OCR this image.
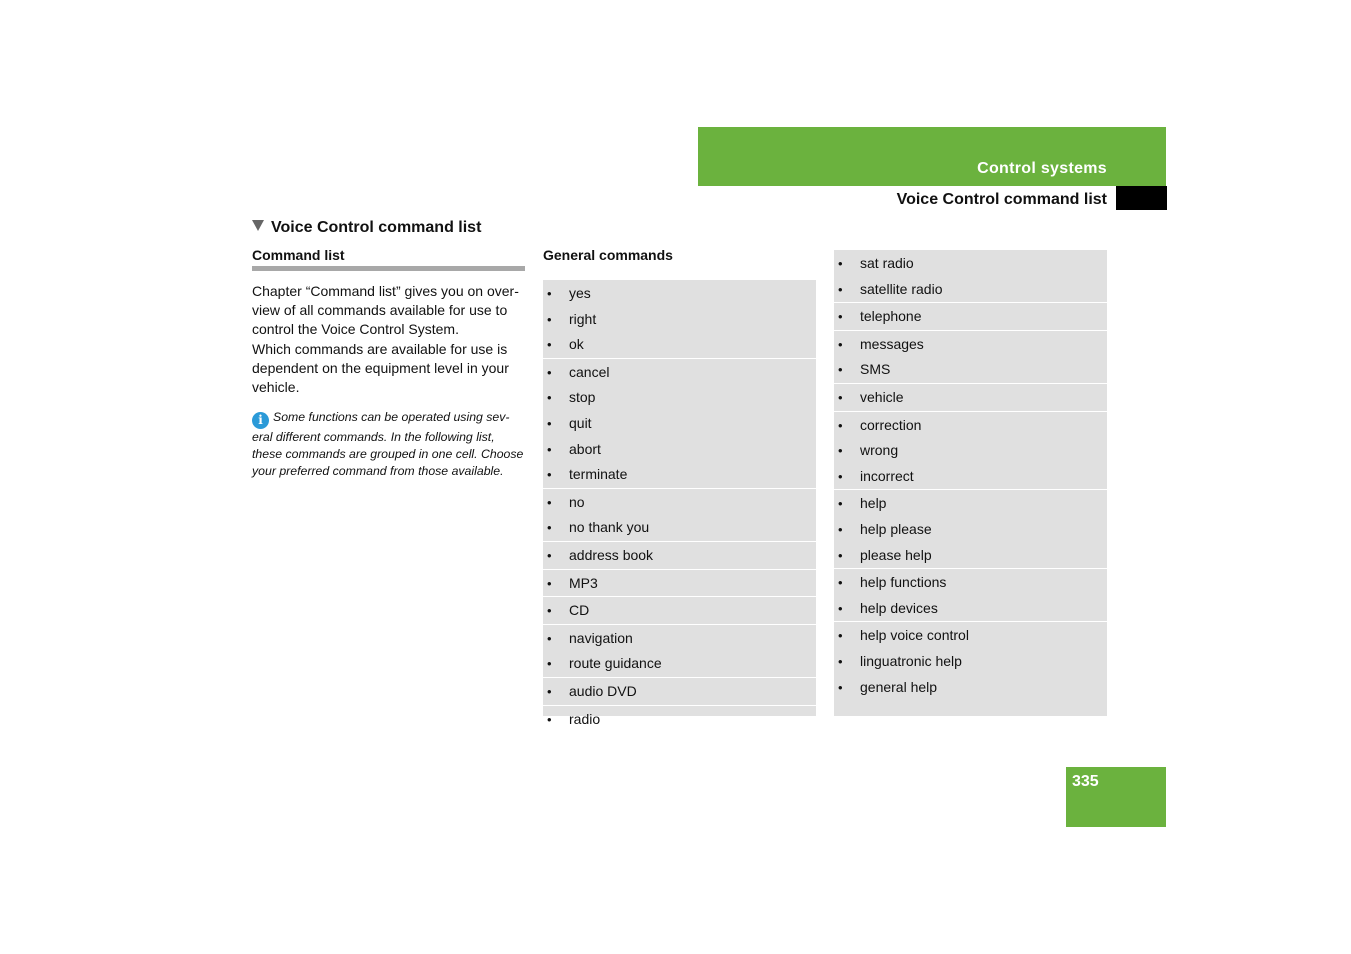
Control systems
Voice Control command list
Voice Control command list
Command list

Chapter “Command list” gives you on over-view of all commands available for use to control the Voice Control System.

Which commands are available for use is dependent on the equipment level in your vehicle.

i Some functions can be operated using sev-eral different commands. In the following list, these commands are grouped in one cell. Choose your preferred command from those available.
General commands
• yes
• right
• ok
• cancel
• stop
• quit
• abort
• terminate
• no
• no thank you
• address book
• MP3
• CD
• navigation
• route guidance
• audio DVD
• radio
• sat radio
• satellite radio
• telephone
• messages
• SMS
• vehicle
• correction
• wrong
• incorrect
• help
• help please
• please help
• help functions
• help devices
• help voice control
• linguatronic help
• general help
335
